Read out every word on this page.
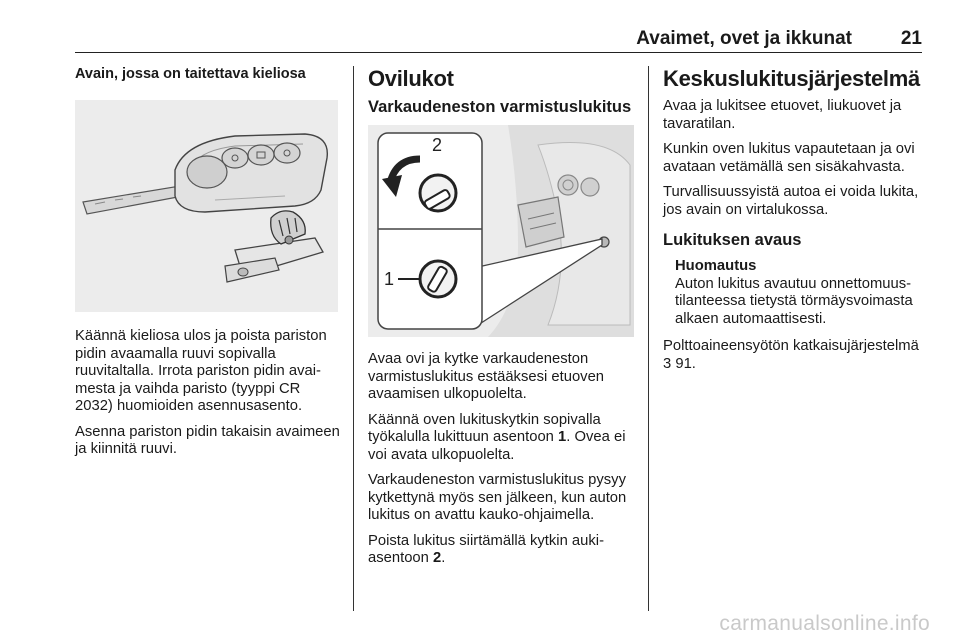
Avaimet, ovet ja ikkunat	21
Avain, jossa on taitettava kieliosa

Käännä kieliosa ulos ja poista pariston pidin avaamalla ruuvi sopivalla ruuvitaltalla. Irrota pariston pidin avaimesta ja vaihda paristo (tyyppi CR 2032) huomioiden asennusasento.

Asenna pariston pidin takaisin avaimeen ja kiinnitä ruuvi.

Ovilukot
Varkaudeneston varmistuslukitus
2
1

Avaa ovi ja kytke varkaudeneston varmistuslukitus estääksesi etuoven avaamisen ulkopuolelta.

Käännä oven lukituskytkin sopivalla työkalulla lukittuun asentoon 1. Ovea ei voi avata ulkopuolelta.

Varkaudeneston varmistuslukitus pysyy kytkettynä myös sen jälkeen, kun auton lukitus on avattu kauko-ohjaimella.

Poista lukitus siirtämällä kytkin aukiasentoon 2.

Keskuslukitusjärjestelmä

Avaa ja lukitsee etuovet, liukuovet ja tavaratilan.

Kunkin oven lukitus vapautetaan ja ovi avataan vetämällä sen sisäkahvasta.

Turvallisuussyistä autoa ei voida lukita, jos avain on virtalukossa.

Lukituksen avaus
Huomautus
Auton lukitus avautuu onnettomuustilanteessa tietystä törmäysvoimasta alkaen automaattisesti.

Polttoaineensyötön katkaisujärjestelmä 3 91.

carmanualsonline.info
